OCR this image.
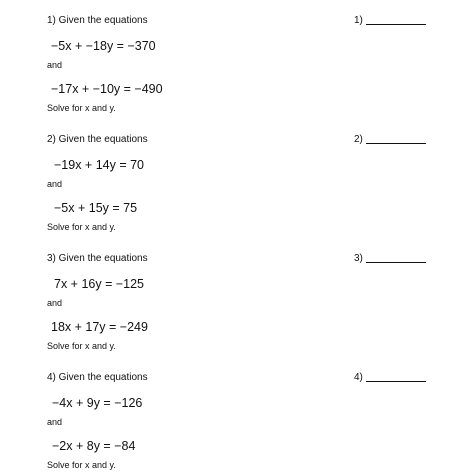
1) Given the equations
−5x + −18y = −370
and
−17x + −10y = −490
Solve for x and y.
1)
2) Given the equations
−19x + 14y = 70
and
−5x + 15y = 75
Solve for x and y.
2)
3) Given the equations
7x + 16y = −125
and
18x + 17y = −249
Solve for x and y.
3)
4) Given the equations
−4x + 9y = −126
and
−2x + 8y = −84
Solve for x and y.
4)
